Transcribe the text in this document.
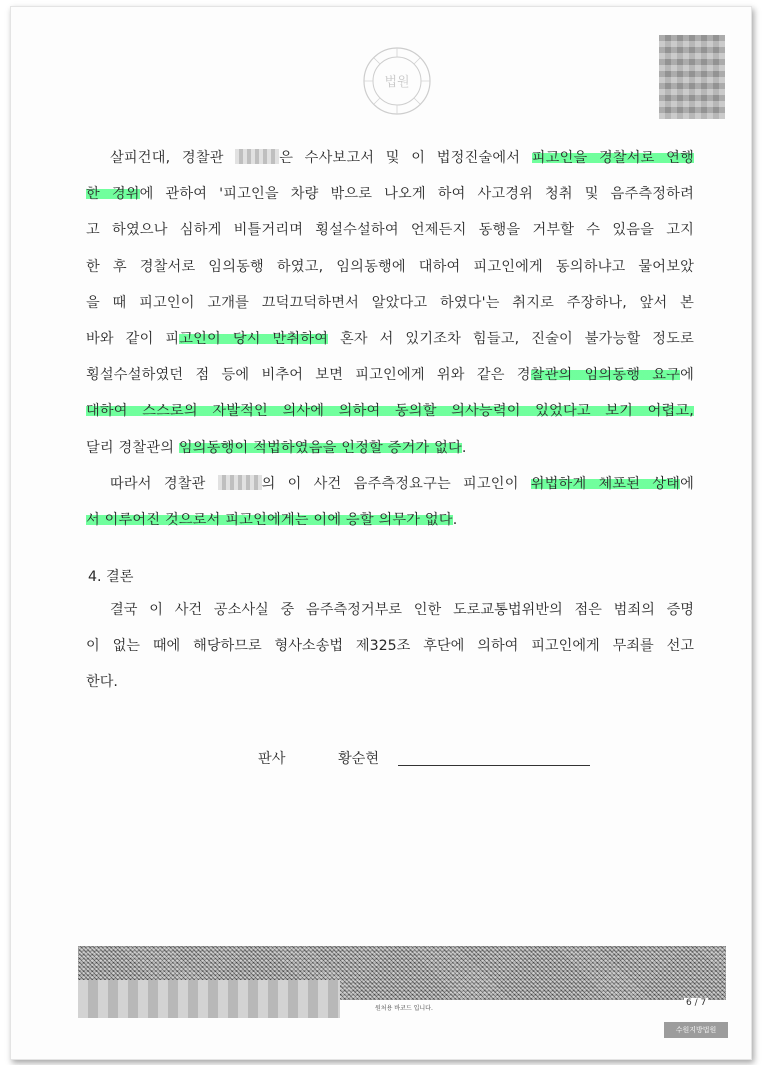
법원
살피건대, 경찰관	은 수사보고서 및 이 법정진술에서 피고인을 경찰서로 연행
한 경위에 관하여 '피고인을 차량 밖으로 나오게 하여 사고경위 청취 및 음주측정하려
고 하였으나 심하게 비틀거리며 횡설수설하여 언제든지 동행을 거부할 수 있음을 고지
한 후 경찰서로 임의동행 하였고, 임의동행에 대하여 피고인에게 동의하냐고 물어보았
을 때 피고인이 고개를 끄덕끄덕하면서 알았다고 하였다'는 취지로 주장하나, 앞서 본
바와 같이 피고인이 당시 만취하여 혼자 서 있기조차 힘들고, 진술이 불가능할 정도로
횡설수설하였던 점 등에 비추어 보면 피고인에게 위와 같은 경찰관의 임의동행 요구에
대하여 스스로의 자발적인 의사에 의하여 동의할 의사능력이 있었다고 보기 어렵고,
달리 경찰관의 임의동행이 적법하였음을 인정할 증거가 없다.
따라서 경찰관	의 이 사건 음주측정요구는 피고인이 위법하게 체포된 상태에
서 이루어진 것으로서 피고인에게는 이에 응할 의무가 없다.
4. 결론
결국 이 사건 공소사실 중 음주측정거부로 인한 도로교통법위반의 점은 범죄의 증명
이 없는 때에 해당하므로 형사소송법 제325조 후단에 의하여 피고인에게 무죄를 선고
한다.
판사	황순현
원처용 바코드 입니다.
6 / 7
수원지방법원
